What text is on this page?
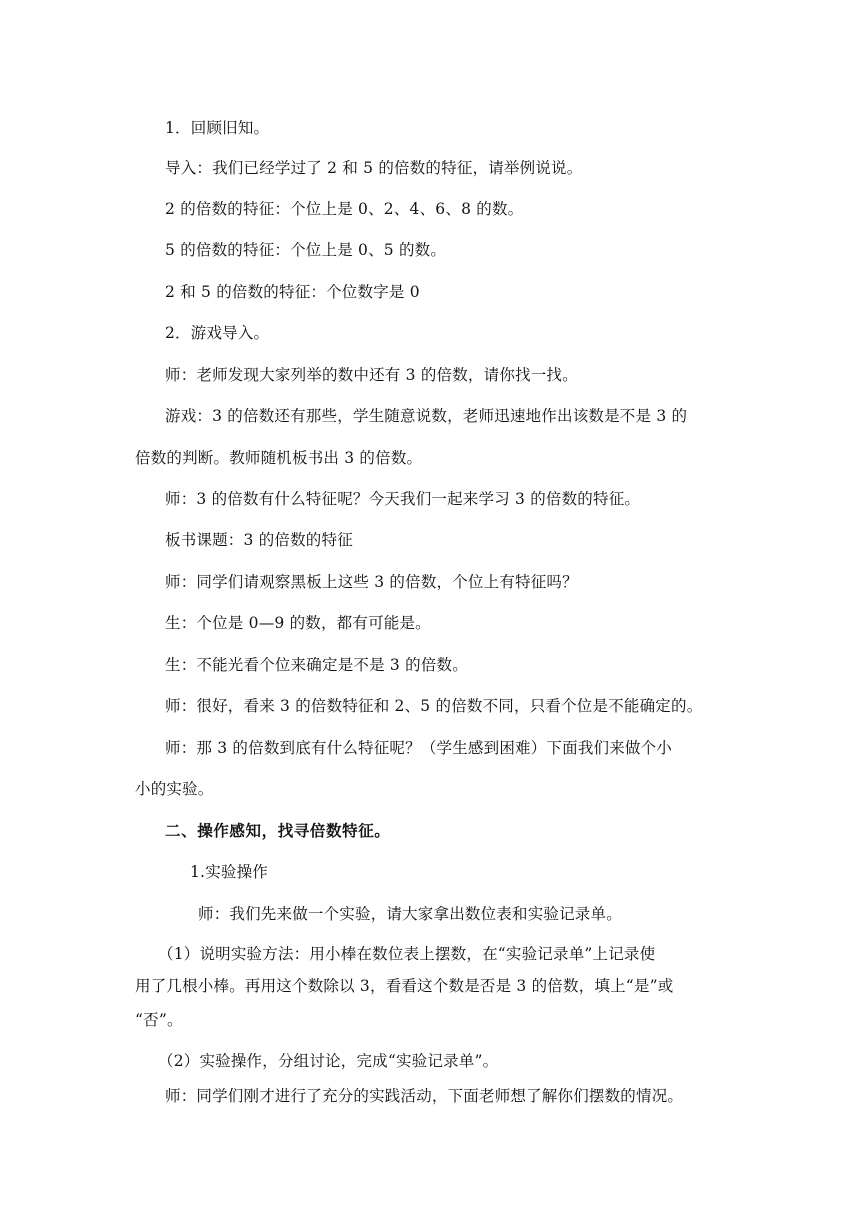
1．回顾旧知。
导入：我们已经学过了 2 和 5 的倍数的特征，请举例说说。
2 的倍数的特征：个位上是 0、2、4、6、8 的数。
5 的倍数的特征：个位上是 0、5 的数。
2 和 5 的倍数的特征：个位数字是 0
2．游戏导入。
师：老师发现大家列举的数中还有 3 的倍数，请你找一找。
游戏：3 的倍数还有那些，学生随意说数，老师迅速地作出该数是不是 3 的
倍数的判断。教师随机板书出 3 的倍数。
师：3 的倍数有什么特征呢？今天我们一起来学习 3 的倍数的特征。
板书课题：3 的倍数的特征
师：同学们请观察黑板上这些 3 的倍数，个位上有特征吗？
生：个位是 0—9 的数，都有可能是。
生：不能光看个位来确定是不是 3 的倍数。
师：很好，看来 3 的倍数特征和 2、5 的倍数不同，只看个位是不能确定的。
师：那 3 的倍数到底有什么特征呢？（学生感到困难）下面我们来做个小
小的实验。
二、操作感知，找寻倍数特征。
1.实验操作
师：我们先来做一个实验，请大家拿出数位表和实验记录单。
（1）说明实验方法：用小棒在数位表上摆数，在“实验记录单”上记录使
用了几根小棒。再用这个数除以 3，看看这个数是否是 3 的倍数，填上“是”或
“否”。
（2）实验操作，分组讨论，完成“实验记录单”。
师：同学们刚才进行了充分的实践活动，下面老师想了解你们摆数的情况。
